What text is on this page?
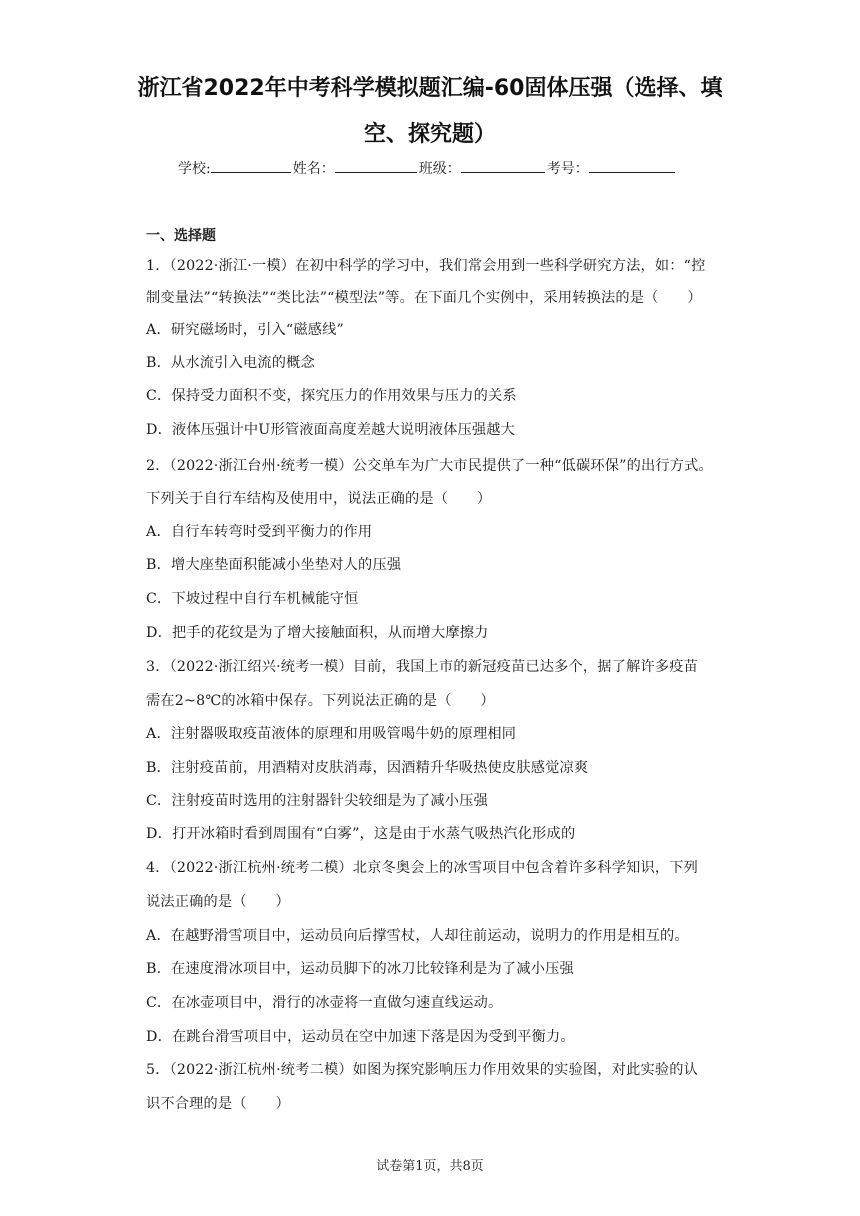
浙江省2022年中考科学模拟题汇编-60固体压强（选择、填
空、探究题）
学校:	姓名：	班级：	考号：
一、选择题
1．（2022·浙江·一模）在初中科学的学习中，我们常会用到一些科学研究方法，如：“控
制变量法”“转换法”“类比法”“模型法”等。在下面几个实例中，采用转换法的是（　　）
A．研究磁场时，引入“磁感线”
B．从水流引入电流的概念
C．保持受力面积不变，探究压力的作用效果与压力的关系
D．液体压强计中U形管液面高度差越大说明液体压强越大
2．（2022·浙江台州·统考一模）公交单车为广大市民提供了一种“低碳环保”的出行方式。
下列关于自行车结构及使用中，说法正确的是（　　）
A．自行车转弯时受到平衡力的作用
B．增大座垫面积能减小坐垫对人的压强
C．下坡过程中自行车机械能守恒
D．把手的花纹是为了增大接触面积，从而增大摩擦力
3．（2022·浙江绍兴·统考一模）目前，我国上市的新冠疫苗已达多个，据了解许多疫苗
需在2~8℃的冰箱中保存。下列说法正确的是（　　）
A．注射器吸取疫苗液体的原理和用吸管喝牛奶的原理相同
B．注射疫苗前，用酒精对皮肤消毒，因酒精升华吸热使皮肤感觉凉爽
C．注射疫苗时选用的注射器针尖较细是为了减小压强
D．打开冰箱时看到周围有“白雾”，这是由于水蒸气吸热汽化形成的
4．（2022·浙江杭州·统考二模）北京冬奥会上的冰雪项目中包含着许多科学知识，下列
说法正确的是（　　）
A．在越野滑雪项目中，运动员向后撑雪杖，人却往前运动，说明力的作用是相互的。
B．在速度滑冰项目中，运动员脚下的冰刀比较锋利是为了减小压强
C．在冰壶项目中，滑行的冰壶将一直做匀速直线运动。
D．在跳台滑雪项目中，运动员在空中加速下落是因为受到平衡力。
5．（2022·浙江杭州·统考二模）如图为探究影响压力作用效果的实验图，对此实验的认
识不合理的是（　　）
试卷第1页，共8页
